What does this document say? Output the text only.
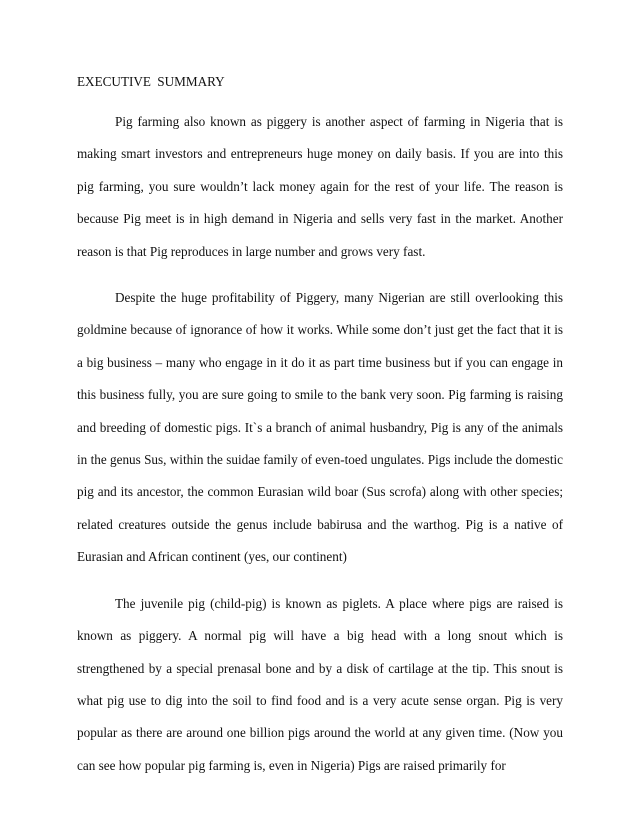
EXECUTIVE SUMMARY

Pig farming also known as piggery is another aspect of farming in Nigeria that is making smart investors and entrepreneurs huge money on daily basis. If you are into this pig farming, you sure wouldn’t lack money again for the rest of your life. The reason is because Pig meet is in high demand in Nigeria and sells very fast in the market. Another reason is that Pig reproduces in large number and grows very fast.

Despite the huge profitability of Piggery, many Nigerian are still overlooking this goldmine because of ignorance of how it works. While some don’t just get the fact that it is a big business – many who engage in it do it as part time business but if you can engage in this business fully, you are sure going to smile to the bank very soon. Pig farming is raising and breeding of domestic pigs. It`s a branch of animal husbandry, Pig is any of the animals in the genus Sus, within the suidae family of even-toed ungulates. Pigs include the domestic pig and its ancestor, the common Eurasian wild boar (Sus scrofa) along with other species; related creatures outside the genus include babirusa and the warthog. Pig is a native of Eurasian and African continent (yes, our continent)

The juvenile pig (child-pig) is known as piglets. A place where pigs are raised is known as piggery. A normal pig will have a big head with a long snout which is strengthened by a special prenasal bone and by a disk of cartilage at the tip. This snout is what pig use to dig into the soil to find food and is a very acute sense organ. Pig is very popular as there are around one billion pigs around the world at any given time. (Now you can see how popular pig farming is, even in Nigeria) Pigs are raised primarily for
